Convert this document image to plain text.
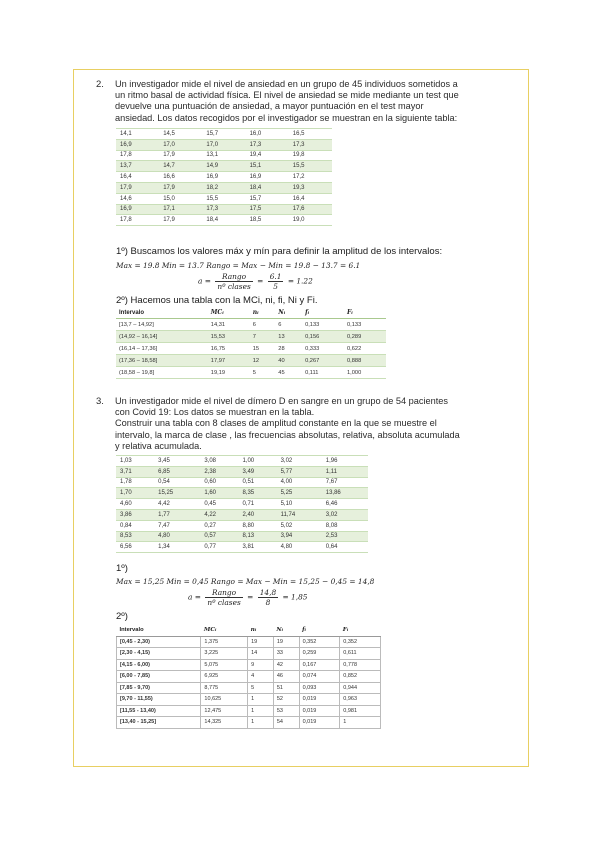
2. Un investigador mide el nivel de ansiedad en un grupo de 45 individuos sometidos a
un ritmo basal de actividad física. El nivel de ansiedad se mide mediante un test que
devuelve una puntuación de ansiedad, a mayor puntuación en el test mayor
ansiedad. Los datos recogidos por el investigador se muestran en la siguiente tabla:
14,1	14,5	15,7	16,0	16,5
16,9	17,0	17,0	17,3	17,3
17,8	17,9	13,1	19,4	19,8
13,7	14,7	14,9	15,1	15,5
16,4	16,6	16,9	16,9	17,2
17,9	17,9	18,2	18,4	19,3
14,6	15,0	15,5	15,7	16,4
16,9	17,1	17,3	17,5	17,6
17,8	17,9	18,4	18,5	19,0
1º) Buscamos los valores máx y mín para definir la amplitud de los intervalos:
Max = 19.8 Min = 13.7 Rango = Max − Min = 19.8 − 13.7 = 6.1
$a = \frac{\text{Rango}}{\text{nº clases}} = \frac{6.1}{5} = 1.22$
2º) Hacemos una tabla con la MCi, ni, fi, Ni y Fi.
Intervalo	MCᵢ	nᵢ	Nᵢ	fᵢ	Fᵢ
[13,7 – 14,92]	14,31	6	6	0,133	0,133
(14,92 – 16,14]	15,53	7	13	0,156	0,289
(16,14 – 17,36]	16,75	15	28	0,333	0,622
(17,36 – 18,58]	17,97	12	40	0,267	0,888
(18,58 – 19,8]	19,19	5	45	0,111	1,000
3. Un investigador mide el nivel de dímero D en sangre en un grupo de 54 pacientes
con Covid 19: Los datos se muestran en la tabla.
Construir una tabla con 8 clases de amplitud constante en la que se muestre el
intervalo, la marca de clase , las frecuencias absolutas, relativa, absoluta acumulada
y relativa acumulada.
1,03	3,45	3,08	1,00	3,02	1,96
3,71	6,85	2,38	3,49	5,77	1,11
1,78	0,54	0,60	0,51	4,00	7,67
1,70	15,25	1,60	8,35	5,25	13,86
4,60	4,42	0,45	0,71	5,10	6,46
3,86	1,77	4,22	2,40	11,74	3,02
0,84	7,47	0,27	8,80	5,02	8,08
8,53	4,80	0,57	8,13	3,94	2,53
6,56	1,34	0,77	3,81	4,80	0,64
1º)
Max = 15,25 Min = 0,45 Rango = Max − Min = 15,25 − 0,45 = 14,8
$a = \frac{\text{Rango}}{\text{nº clases}} = \frac{14,8}{8} = 1,85$
2º)
Intervalo	MCᵢ	nᵢ	Nᵢ	fᵢ	Fᵢ
[0,45 - 2,30)	1,375	19	19	0,352	0,352
[2,30 - 4,15)	3,225	14	33	0,259	0,611
[4,15 - 6,00)	5,075	9	42	0,167	0,778
[6,00 - 7,85)	6,925	4	46	0,074	0,852
[7,85 - 9,70)	8,775	5	51	0,093	0,944
[9,70 - 11,55)	10,625	1	52	0,019	0,963
[11,55 - 13,40)	12,475	1	53	0,019	0,981
[13,40 - 15,25]	14,325	1	54	0,019	1
